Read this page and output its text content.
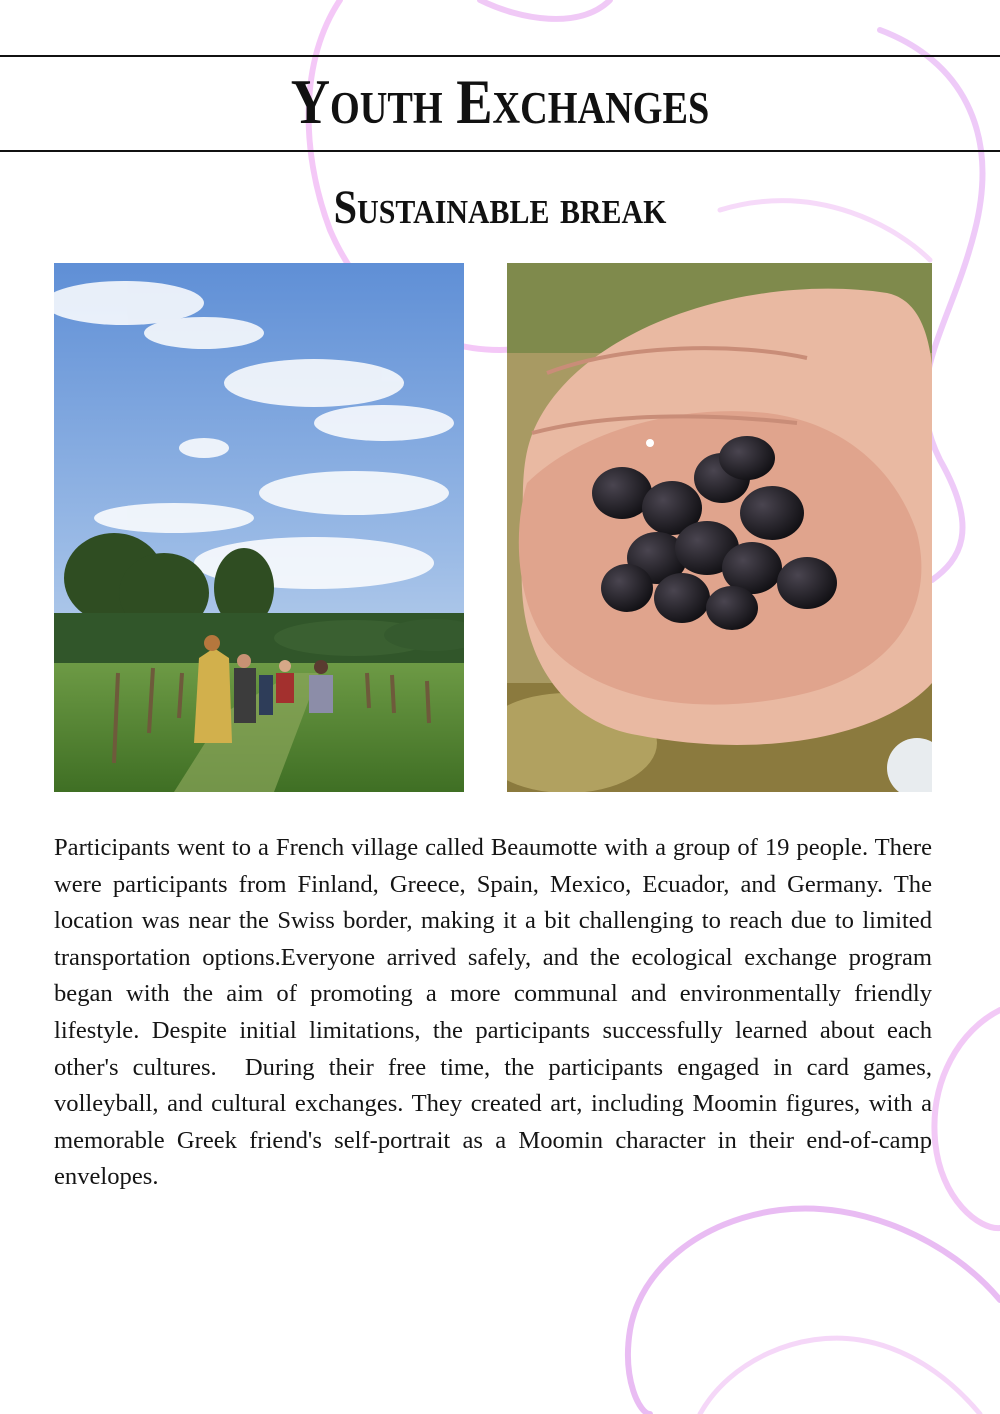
Youth Exchanges
Sustainable break

Participants went to a French village called Beaumotte with a group of 19 people. There were participants from Finland, Greece, Spain, Mexico, Ecuador, and Germany. The location was near the Swiss border, making it a bit challenging to reach due to limited transportation options.Everyone arrived safely, and the ecological exchange program began with the aim of promoting a more communal and environmentally friendly lifestyle. Despite initial limitations, the participants successfully learned about each other's cultures.  During their free time, the participants engaged in card games, volleyball, and cultural exchanges. They created art, including Moomin figures, with a memorable Greek friend's self-portrait as a Moomin character in their end-of-camp envelopes.
